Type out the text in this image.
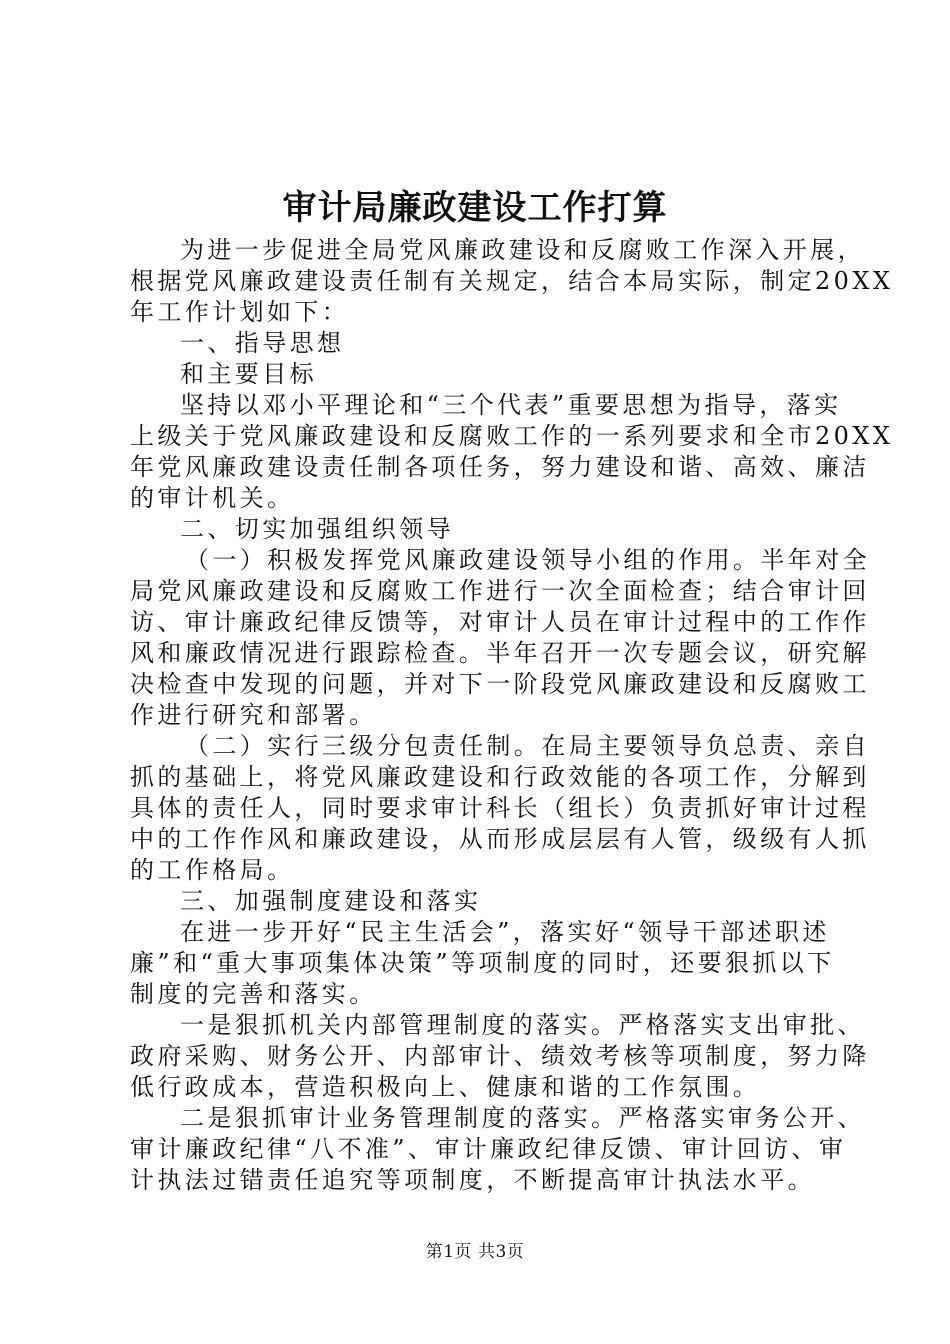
审计局廉政建设工作打算
为进一步促进全局党风廉政建设和反腐败工作深入开展，
根据党风廉政建设责任制有关规定，结合本局实际，制定20XX
年工作计划如下：
一、指导思想
和主要目标
坚持以邓小平理论和“三个代表”重要思想为指导，落实
上级关于党风廉政建设和反腐败工作的一系列要求和全市20XX
年党风廉政建设责任制各项任务，努力建设和谐、高效、廉洁
的审计机关。
二、切实加强组织领导
（一）积极发挥党风廉政建设领导小组的作用。半年对全
局党风廉政建设和反腐败工作进行一次全面检查；结合审计回
访、审计廉政纪律反馈等，对审计人员在审计过程中的工作作
风和廉政情况进行跟踪检查。半年召开一次专题会议，研究解
决检查中发现的问题，并对下一阶段党风廉政建设和反腐败工
作进行研究和部署。
（二）实行三级分包责任制。在局主要领导负总责、亲自
抓的基础上，将党风廉政建设和行政效能的各项工作，分解到
具体的责任人，同时要求审计科长（组长）负责抓好审计过程
中的工作作风和廉政建设，从而形成层层有人管，级级有人抓
的工作格局。
三、加强制度建设和落实
在进一步开好“民主生活会”，落实好“领导干部述职述
廉”和“重大事项集体决策”等项制度的同时，还要狠抓以下
制度的完善和落实。
一是狠抓机关内部管理制度的落实。严格落实支出审批、
政府采购、财务公开、内部审计、绩效考核等项制度，努力降
低行政成本，营造积极向上、健康和谐的工作氛围。
二是狠抓审计业务管理制度的落实。严格落实审务公开、
审计廉政纪律“八不准”、审计廉政纪律反馈、审计回访、审
计执法过错责任追究等项制度，不断提高审计执法水平。
第1页 共3页
